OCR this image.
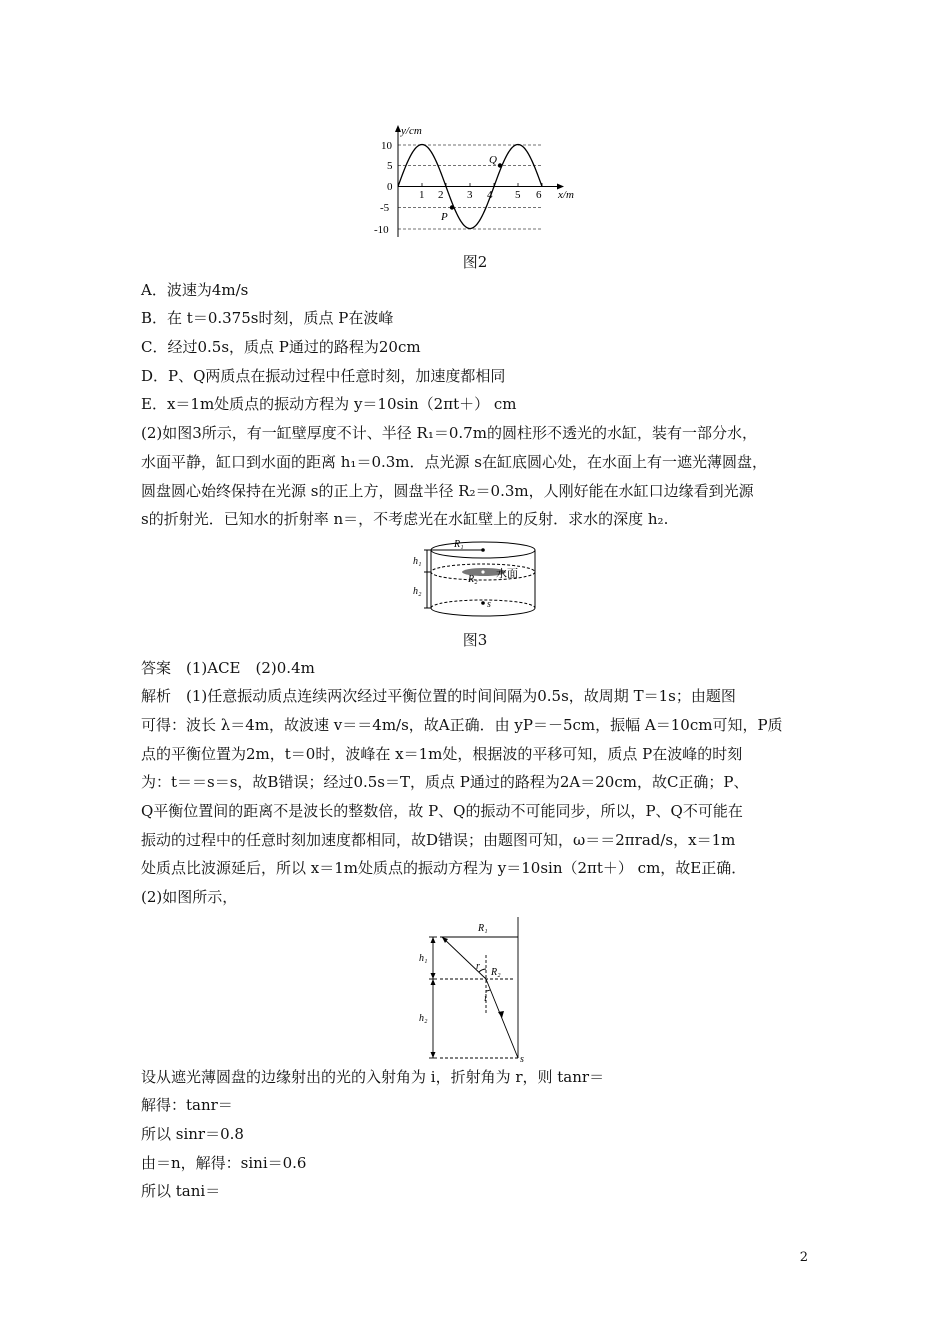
y/cm
x/m
10
5
0
-5
-10
1 2 3 4 5 6
P
Q
图2
A．波速为4m/s
B．在 t＝0.375s时刻，质点 P在波峰
C．经过0.5s，质点 P通过的路程为20cm
D．P、Q两质点在振动过程中任意时刻，加速度都相同
E．x＝1m处质点的振动方程为 y＝10sin（2πt＋） cm
(2)如图3所示，有一缸壁厚度不计、半径 R₁＝0.7m的圆柱形不透光的水缸，装有一部分水，
水面平静，缸口到水面的距离 h₁＝0.3m．点光源 s在缸底圆心处，在水面上有一遮光薄圆盘，
圆盘圆心始终保持在光源 s的正上方，圆盘半径 R₂＝0.3m，人刚好能在水缸口边缘看到光源
s的折射光．已知水的折射率 n＝，不考虑光在水缸壁上的反射．求水的深度 h₂.
R₁
h₁
R₂ 水面
h₂
s
图3
答案　(1)ACE　(2)0.4m
解析　(1)任意振动质点连续两次经过平衡位置的时间间隔为0.5s，故周期 T＝1s；由题图
可得：波长 λ＝4m，故波速 v＝＝4m/s，故A正确．由 yP＝－5cm，振幅 A＝10cm可知，P质
点的平衡位置为2m，t＝0时，波峰在 x＝1m处，根据波的平移可知，质点 P在波峰的时刻
为：t＝＝s＝s，故B错误；经过0.5s＝T，质点 P通过的路程为2A＝20cm，故C正确；P、
Q平衡位置间的距离不是波长的整数倍，故 P、Q的振动不可能同步，所以，P、Q不可能在
振动的过程中的任意时刻加速度都相同，故D错误；由题图可知，ω＝＝2πrad/s，x＝1m
处质点比波源延后，所以 x＝1m处质点的振动方程为 y＝10sin（2πt＋） cm，故E正确．
(2)如图所示，
R₁
h₁
r
R₂
i
h₂
s
设从遮光薄圆盘的边缘射出的光的入射角为 i，折射角为 r，则 tanr＝
解得：tanr＝
所以 sinr＝0.8
由＝n，解得：sini＝0.6
所以 tani＝
2
